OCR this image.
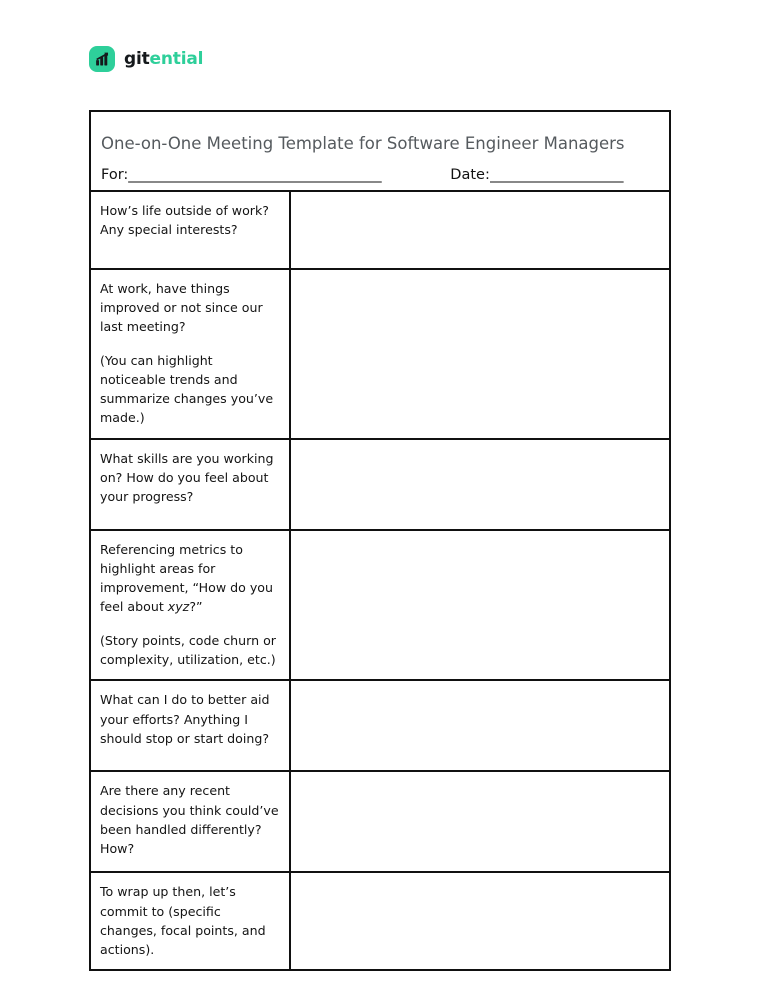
gitential
One-on-One Meeting Template for Software Engineer Managers
For:______________________________________	Date:____________________

How’s life outside of work? Any special interests?

At work, have things improved or not since our last meeting?

(You can highlight noticeable trends and summarize changes you’ve made.)

What skills are you working on? How do you feel about your progress?

Referencing metrics to highlight areas for improvement, “How do you feel about xyz?”

(Story points, code churn or complexity, utilization, etc.)

What can I do to better aid your efforts? Anything I should stop or start doing?

Are there any recent decisions you think could’ve been handled differently? How?

To wrap up then, let’s commit to (specific changes, focal points, and actions).
